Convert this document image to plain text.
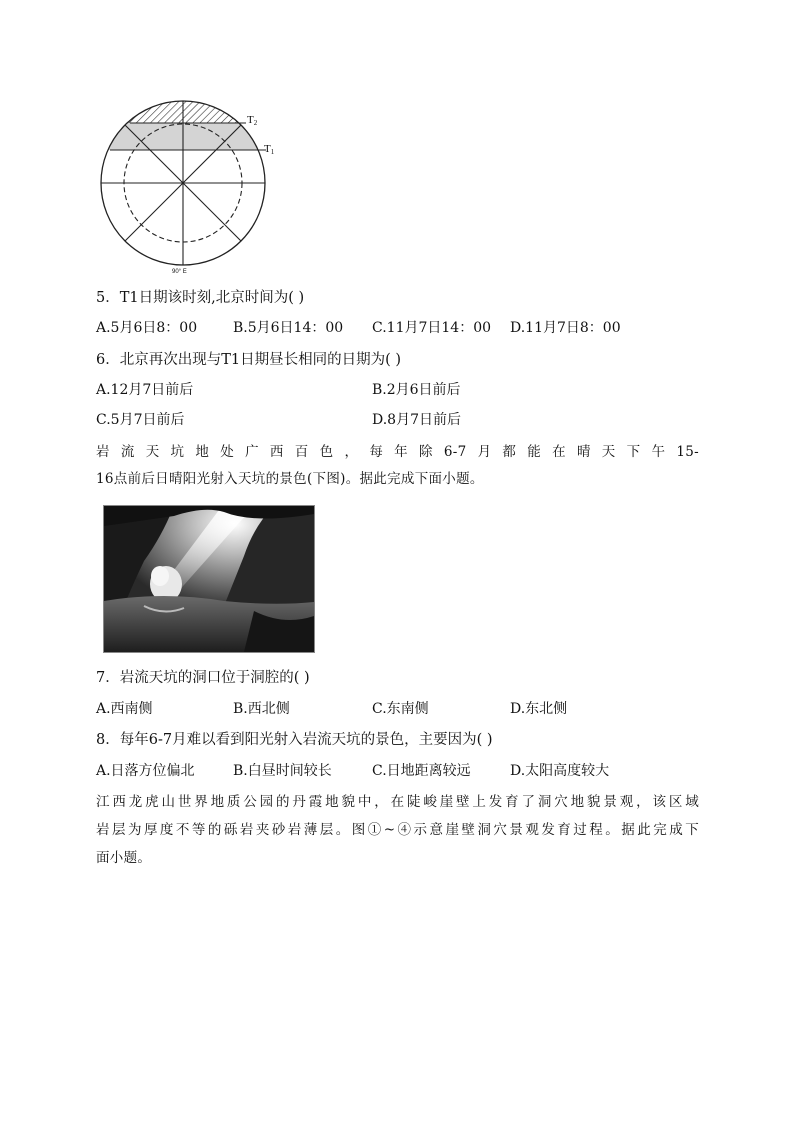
T2
T1
90° E
5．T1日期该时刻,北京时间为( )
A.5月6日8：00	B.5月6日14：00 C.11月7日14：00 D.11月7日8：00
6．北京再次出现与T1日期昼长相同的日期为( )
A.12月7日前后	B.2月6日前后
C.5月7日前后	D.8月7日前后
岩流天坑地处广西百色，每年除6-7月都能在晴天下午15-
16点前后日晴阳光射入天坑的景色(下图)。据此完成下面小题。
7．岩流天坑的洞口位于洞腔的( )
A.西南侧	B.西北侧	C.东南侧	D.东北侧
8．每年6-7月难以看到阳光射入岩流天坑的景色，主要因为( )
A.日落方位偏北	B.白昼时间较长	C.日地距离较远	D.太阳高度较大
江西龙虎山世界地质公园的丹霞地貌中，在陡峻崖壁上发育了洞穴地貌景观，该区域
岩层为厚度不等的砾岩夹砂岩薄层。图①~④示意崖壁洞穴景观发育过程。据此完成下
面小题。
